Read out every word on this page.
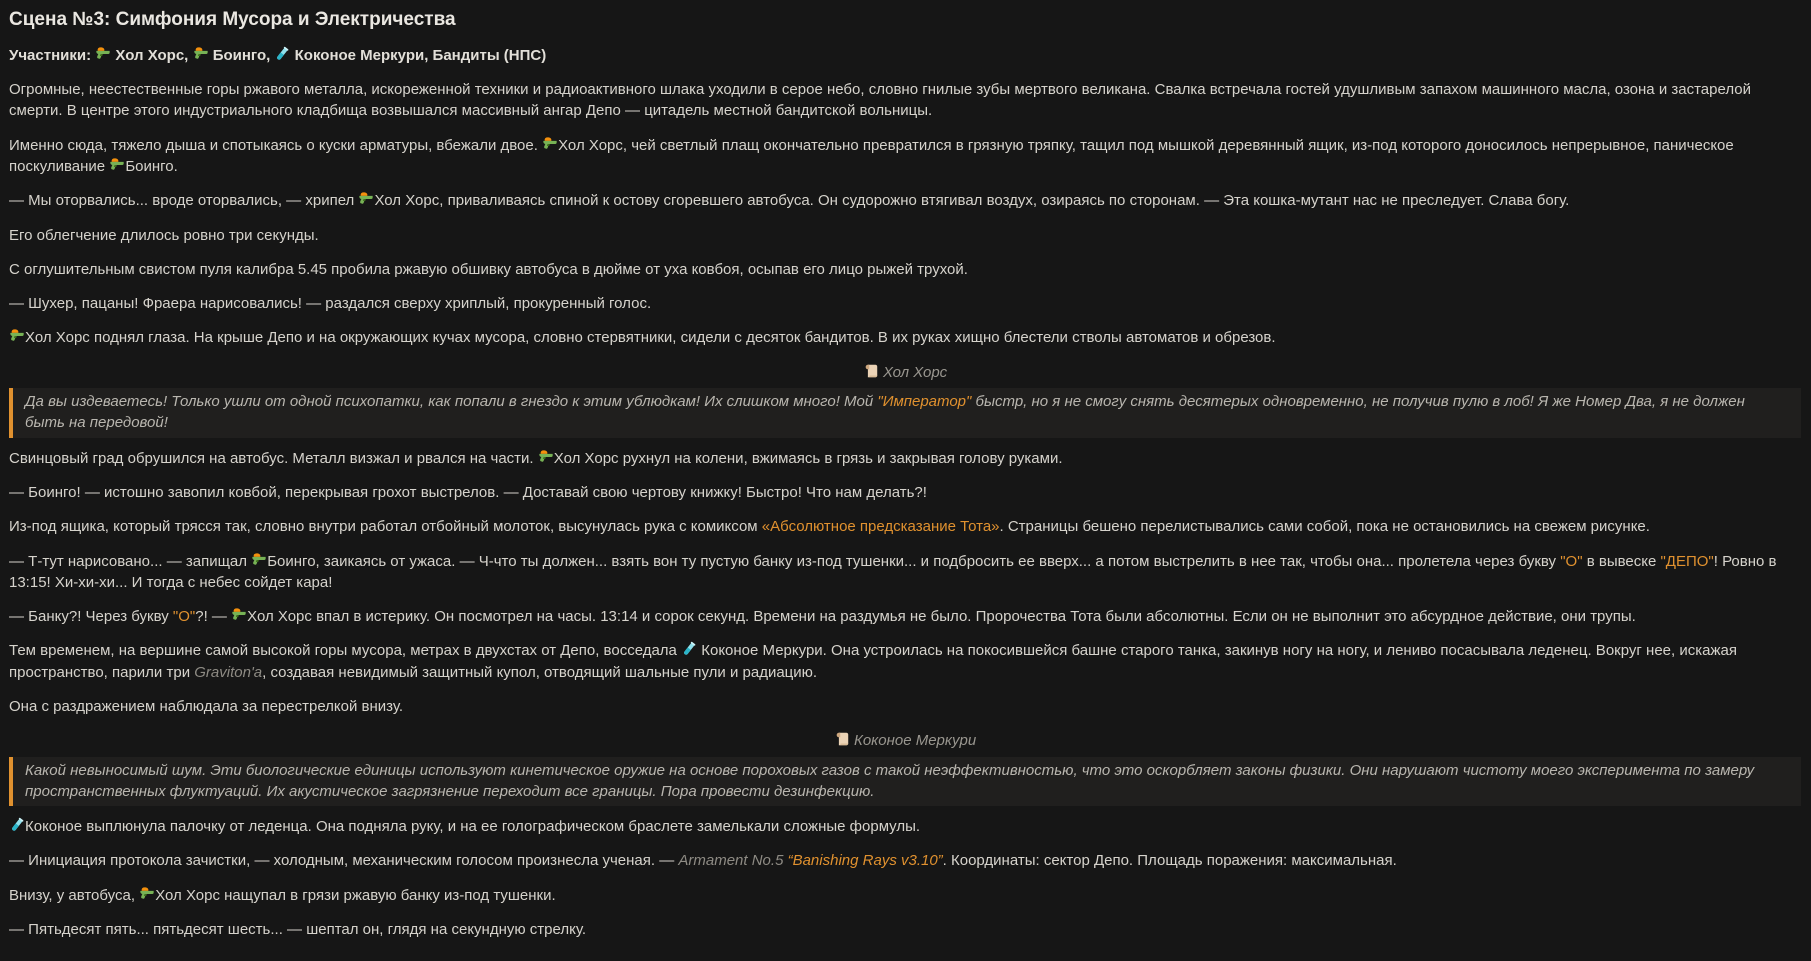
Сцена №3: Симфония Мусора и Электричества
Участники:  Хол Хорс,  Боинго,  Коконое Меркури, Бандиты (НПС)

Огромные, неестественные горы ржавого металла, искореженной техники и радиоактивного шлака уходили в серое небо, словно гнилые зубы мертвого великана. Свалка встречала гостей удушливым запахом машинного масла, озона и застарелой смерти. В центре этого индустриального кладбища возвышался массивный ангар Депо — цитадель местной бандитской вольницы.

Именно сюда, тяжело дыша и спотыкаясь о куски арматуры, вбежали двое. Хол Хорс, чей светлый плащ окончательно превратился в грязную тряпку, тащил под мышкой деревянный ящик, из-под которого доносилось непрерывное, паническое поскуливание Боинго.

— Мы оторвались... вроде оторвались, — хрипел Хол Хорс, приваливаясь спиной к остову сгоревшего автобуса. Он судорожно втягивал воздух, озираясь по сторонам. — Эта кошка-мутант нас не преследует. Слава богу.

Его облегчение длилось ровно три секунды.

С оглушительным свистом пуля калибра 5.45 пробила ржавую обшивку автобуса в дюйме от уха ковбоя, осыпав его лицо рыжей трухой.

— Шухер, пацаны! Фраера нарисовались! — раздался сверху хриплый, прокуренный голос.

Хол Хорс поднял глаза. На крыше Депо и на окружающих кучах мусора, словно стервятники, сидели с десяток бандитов. В их руках хищно блестели стволы автоматов и обрезов.

Хол Хорс
Да вы издеваетесь! Только ушли от одной психопатки, как попали в гнездо к этим ублюдкам! Их слишком много! Мой "Император" быстр, но я не смогу снять десятерых одновременно, не получив пулю в лоб! Я же Номер Два, я не должен быть на передовой!

Свинцовый град обрушился на автобус. Металл визжал и рвался на части. Хол Хорс рухнул на колени, вжимаясь в грязь и закрывая голову руками.

— Боинго! — истошно завопил ковбой, перекрывая грохот выстрелов. — Доставай свою чертову книжку! Быстро! Что нам делать?!

Из-под ящика, который трясся так, словно внутри работал отбойный молоток, высунулась рука с комиксом «Абсолютное предсказание Тота». Страницы бешено перелистывались сами собой, пока не остановились на свежем рисунке.

— Т-тут нарисовано... — запищал Боинго, заикаясь от ужаса. — Ч-что ты должен... взять вон ту пустую банку из-под тушенки... и подбросить ее вверх... а потом выстрелить в нее так, чтобы она... пролетела через букву "О" в вывеске "ДЕПО"! Ровно в 13:15! Хи-хи-хи... И тогда с небес сойдет кара!

— Банку?! Через букву "О"?! — Хол Хорс впал в истерику. Он посмотрел на часы. 13:14 и сорок секунд. Времени на раздумья не было. Пророчества Тота были абсолютны. Если он не выполнит это абсурдное действие, они трупы.

Тем временем, на вершине самой высокой горы мусора, метрах в двухстах от Депо, восседала  Коконое Меркури. Она устроилась на покосившейся башне старого танка, закинув ногу на ногу, и лениво посасывала леденец. Вокруг нее, искажая пространство, парили три Graviton'a, создавая невидимый защитный купол, отводящий шальные пули и радиацию.

Она с раздражением наблюдала за перестрелкой внизу.

Коконое Меркури
Какой невыносимый шум. Эти биологические единицы используют кинетическое оружие на основе пороховых газов с такой неэффективностью, что это оскорбляет законы физики. Они нарушают чистоту моего эксперимента по замеру пространственных флуктуаций. Их акустическое загрязнение переходит все границы. Пора провести дезинфекцию.

Коконое выплюнула палочку от леденца. Она подняла руку, и на ее голографическом браслете замелькали сложные формулы.

— Инициация протокола зачистки, — холодным, механическим голосом произнесла ученая. — Armament No.5 “Banishing Rays v3.10”. Координаты: сектор Депо. Площадь поражения: максимальная.

Внизу, у автобуса, Хол Хорс нащупал в грязи ржавую банку из-под тушенки.

— Пятьдесят пять... пятьдесят шесть... — шептал он, глядя на секундную стрелку.
